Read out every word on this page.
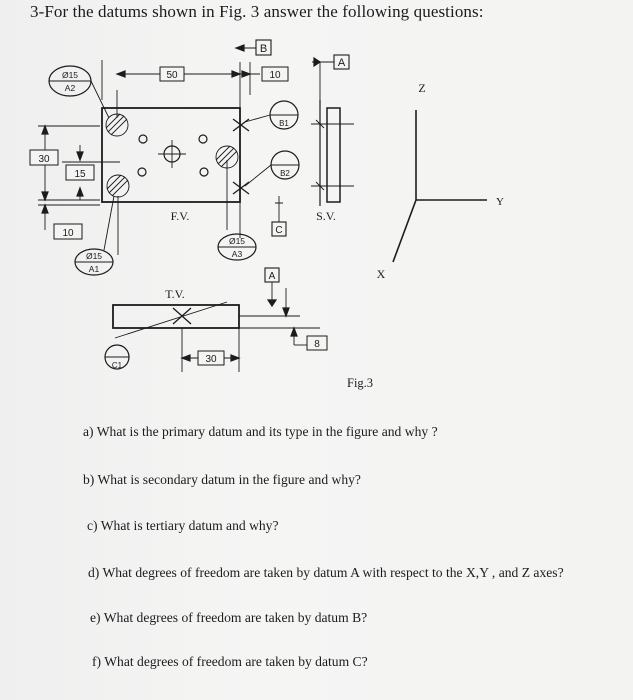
3-For the datums shown in Fig. 3 answer the following questions:
50	10
B
Ø15
A2
30
15
10
Ø15
A1
Ø15
A3
F.V.
B1
B2
C
A
S.V.
Z
Y
X
T.V.
C1
30
A
8
Fig.3
a) What is the primary datum and its type in the figure and why ?
b) What is secondary datum in the figure and why?
c) What is tertiary datum and why?
d) What degrees of freedom are taken by datum A with respect to the X,Y , and Z axes?
e) What degrees of freedom are taken by datum B?
f) What degrees of freedom are taken by datum C?
